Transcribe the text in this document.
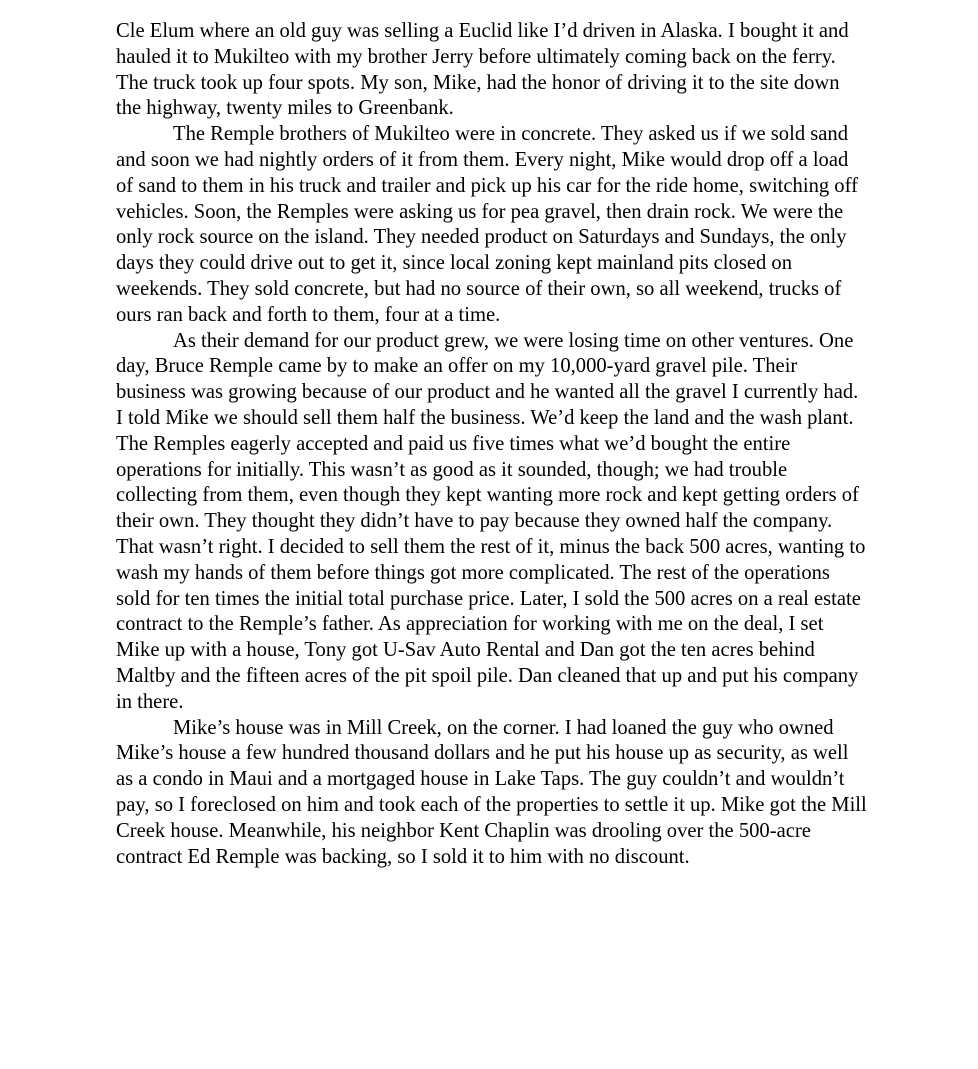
Cle Elum where an old guy was selling a Euclid like I’d driven in Alaska. I bought it and hauled it to Mukilteo with my brother Jerry before ultimately coming back on the ferry. The truck took up four spots. My son, Mike, had the honor of driving it to the site down the highway, twenty miles to Greenbank.

The Remple brothers of Mukilteo were in concrete. They asked us if we sold sand and soon we had nightly orders of it from them. Every night, Mike would drop off a load of sand to them in his truck and trailer and pick up his car for the ride home, switching off vehicles. Soon, the Remples were asking us for pea gravel, then drain rock. We were the only rock source on the island. They needed product on Saturdays and Sundays, the only days they could drive out to get it, since local zoning kept mainland pits closed on weekends. They sold concrete, but had no source of their own, so all weekend, trucks of ours ran back and forth to them, four at a time.

As their demand for our product grew, we were losing time on other ventures. One day, Bruce Remple came by to make an offer on my 10,000-yard gravel pile. Their business was growing because of our product and he wanted all the gravel I currently had. I told Mike we should sell them half the business. We’d keep the land and the wash plant. The Remples eagerly accepted and paid us five times what we’d bought the entire operations for initially. This wasn’t as good as it sounded, though; we had trouble collecting from them, even though they kept wanting more rock and kept getting orders of their own. They thought they didn’t have to pay because they owned half the company. That wasn’t right. I decided to sell them the rest of it, minus the back 500 acres, wanting to wash my hands of them before things got more complicated. The rest of the operations sold for ten times the initial total purchase price. Later, I sold the 500 acres on a real estate contract to the Remple’s father. As appreciation for working with me on the deal, I set Mike up with a house, Tony got U-Sav Auto Rental and Dan got the ten acres behind Maltby and the fifteen acres of the pit spoil pile. Dan cleaned that up and put his company in there.

Mike’s house was in Mill Creek, on the corner. I had loaned the guy who owned Mike’s house a few hundred thousand dollars and he put his house up as security, as well as a condo in Maui and a mortgaged house in Lake Taps. The guy couldn’t and wouldn’t pay, so I foreclosed on him and took each of the properties to settle it up. Mike got the Mill Creek house. Meanwhile, his neighbor Kent Chaplin was drooling over the 500-acre contract Ed Remple was backing, so I sold it to him with no discount.
